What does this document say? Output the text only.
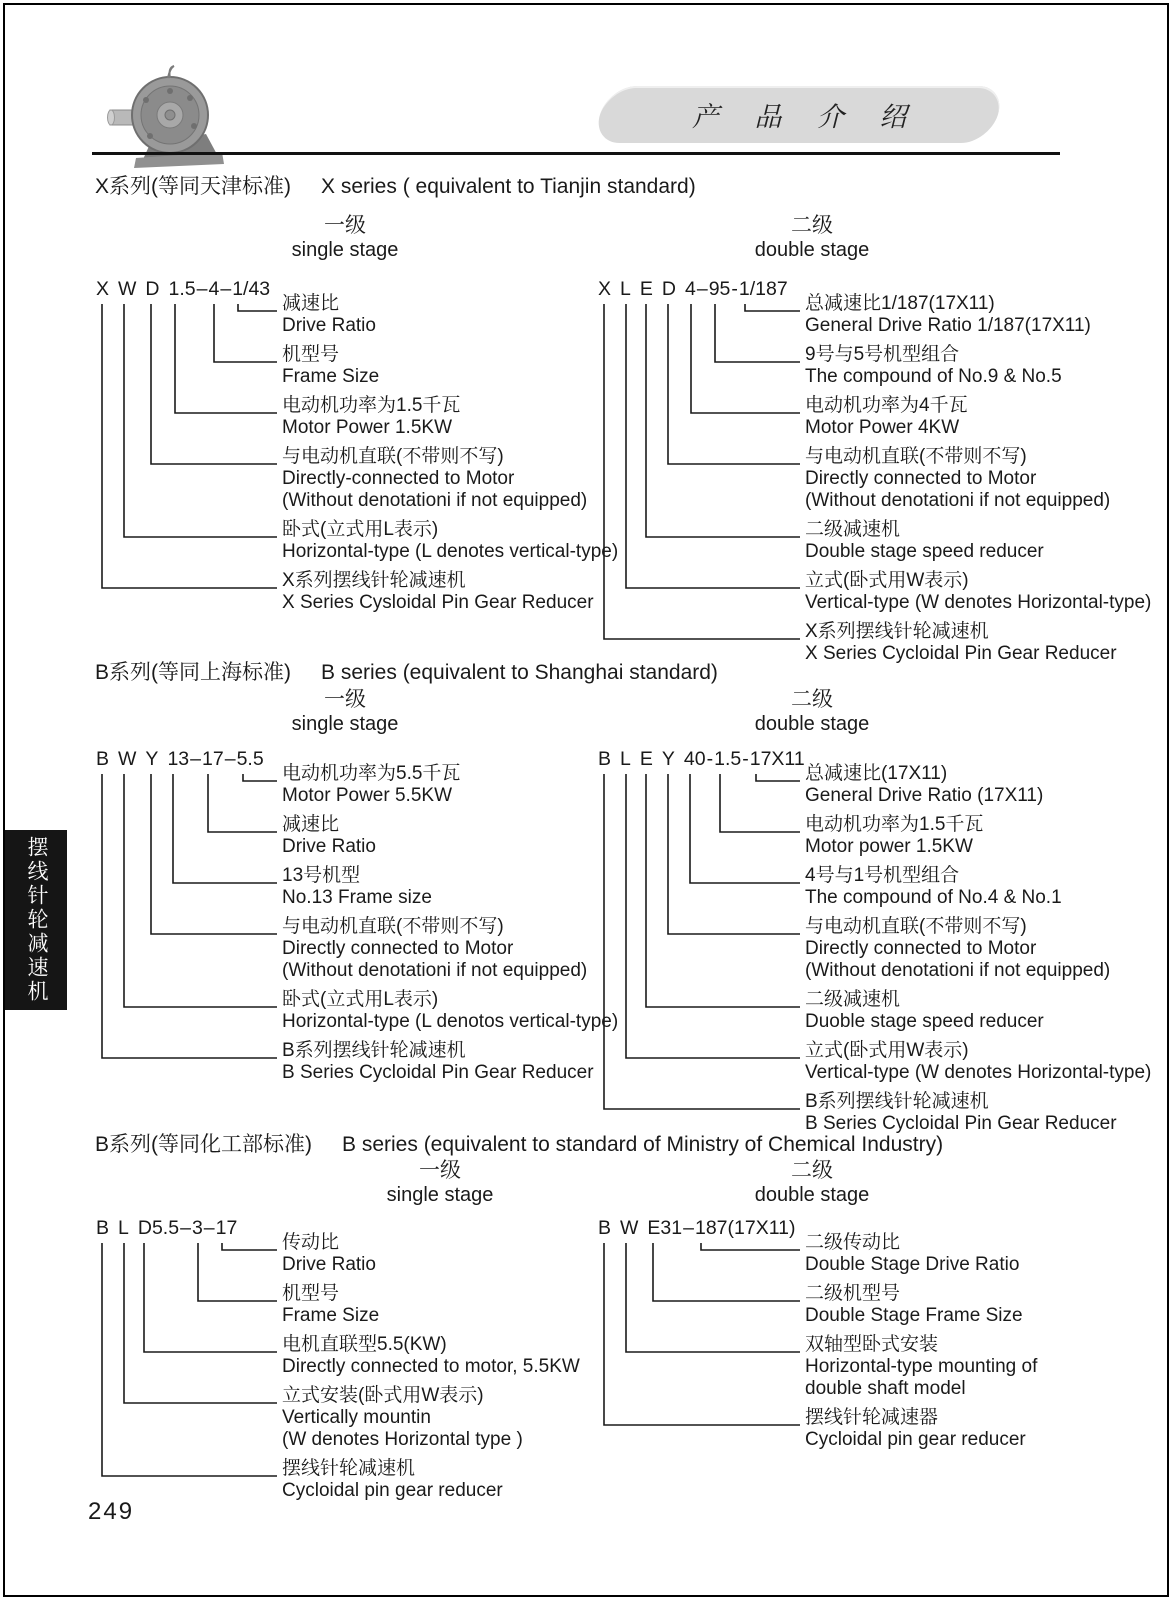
产 品 介 绍
X系列(等同天津标准) X series ( equivalent to Tianjin standard)
一级
single stage
二级
double stage
X W D 1.5–4–1/43
减速比
Drive Ratio
机型号
Frame Size
电动机功率为1.5千瓦
Motor Power 1.5KW
与电动机直联(不带则不写)
Directly-connected to Motor
(Without denotationi if not equipped)
卧式(立式用L表示)
Horizontal-type (L denotes vertical-type)
X系列摆线针轮减速机
X Series Cysloidal Pin Gear Reducer
X L E D 4–95-1/187
总减速比1/187(17X11)
General Drive Ratio 1/187(17X11)
9号与5号机型组合
The compound of No.9 & No.5
电动机功率为4千瓦
Motor Power 4KW
与电动机直联(不带则不写)
Directly connected to Motor
(Without denotationi if not equipped)
二级减速机
Double stage speed reducer
立式(卧式用W表示)
Vertical-type (W denotes Horizontal-type)
X系列摆线针轮减速机
X Series Cycloidal Pin Gear Reducer
B系列(等同上海标准) B series (equivalent to Shanghai standard)
一级
single stage
二级
double stage
B W Y 13–17–5.5
电动机功率为5.5千瓦
Motor Power 5.5KW
减速比
Drive Ratio
13号机型
No.13 Frame size
与电动机直联(不带则不写)
Directly connected to Motor
(Without denotationi if not equipped)
卧式(立式用L表示)
Horizontal-type (L denotos vertical-type)
B系列摆线针轮减速机
B Series Cycloidal Pin Gear Reducer
B L E Y 40-1.5-17X11
总减速比(17X11)
General Drive Ratio (17X11)
电动机功率为1.5千瓦
Motor power 1.5KW
4号与1号机型组合
The compound of No.4 & No.1
与电动机直联(不带则不写)
Directly connected to Motor
(Without denotationi if not equipped)
二级减速机
Duoble stage speed reducer
立式(卧式用W表示)
Vertical-type (W denotes Horizontal-type)
B系列摆线针轮减速机
B Series Cycloidal Pin Gear Reducer
B系列(等同化工部标准) B series (equivalent to standard of Ministry of Chemical Industry)
一级
single stage
二级
double stage
B L D5.5–3–17
传动比
Drive Ratio
机型号
Frame Size
电机直联型5.5(KW)
Directly connected to motor, 5.5KW
立式安装(卧式用W表示)
Vertically mountin
(W denotes Horizontal type )
摆线针轮减速机
Cycloidal pin gear reducer
B W E31–187(17X11)
二级传动比
Double Stage Drive Ratio
二级机型号
Double Stage Frame Size
双轴型卧式安装
Horizontal-type mounting of
double shaft model
摆线针轮减速器
Cycloidal pin gear reducer
摆线针轮减速机
249
